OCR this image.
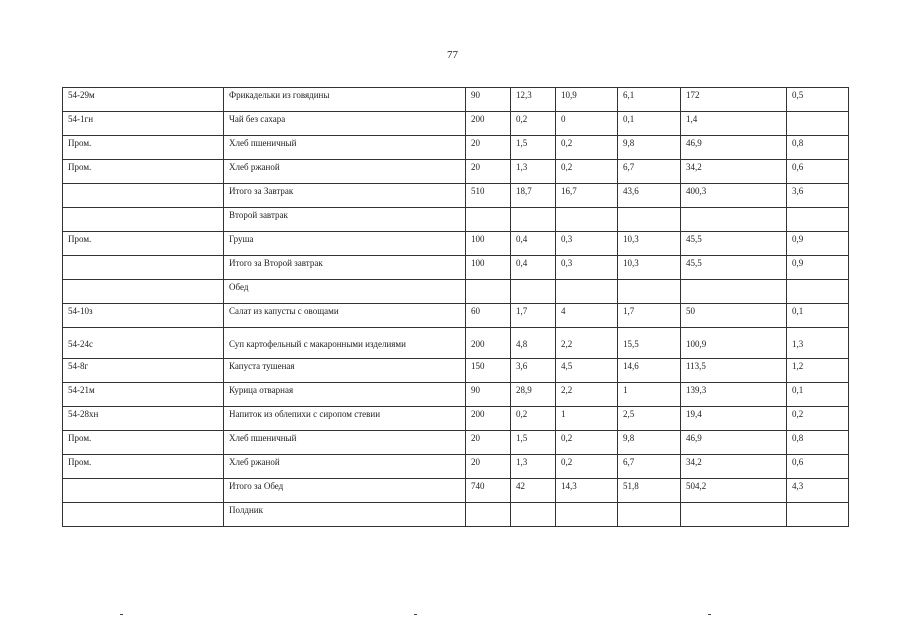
77
54-29м	Фрикадельки из говядины	90	12,3	10,9	6,1	172	0,5
54-1гн	Чай без сахара	200	0,2	0	0,1	1,4	
Пром.	Хлеб пшеничный	20	1,5	0,2	9,8	46,9	0,8
Пром.	Хлеб ржаной	20	1,3	0,2	6,7	34,2	0,6
	Итого за Завтрак	510	18,7	16,7	43,6	400,3	3,6
	Второй завтрак						
Пром.	Груша	100	0,4	0,3	10,3	45,5	0,9
	Итого за Второй завтрак	100	0,4	0,3	10,3	45,5	0,9
	Обед						
54-10з	Салат из капусты с овощами	60	1,7	4	1,7	50	0,1
54-24с	Суп картофельный с макаронными изделиями	200	4,8	2,2	15,5	100,9	1,3
54-8г	Капуста тушеная	150	3,6	4,5	14,6	113,5	1,2
54-21м	Курица отварная	90	28,9	2,2	1	139,3	0,1
54-28хн	Напиток из облепихи с сиропом стевии	200	0,2	1	2,5	19,4	0,2
Пром.	Хлеб пшеничный	20	1,5	0,2	9,8	46,9	0,8
Пром.	Хлеб ржаной	20	1,3	0,2	6,7	34,2	0,6
	Итого за Обед	740	42	14,3	51,8	504,2	4,3
	Полдник						
